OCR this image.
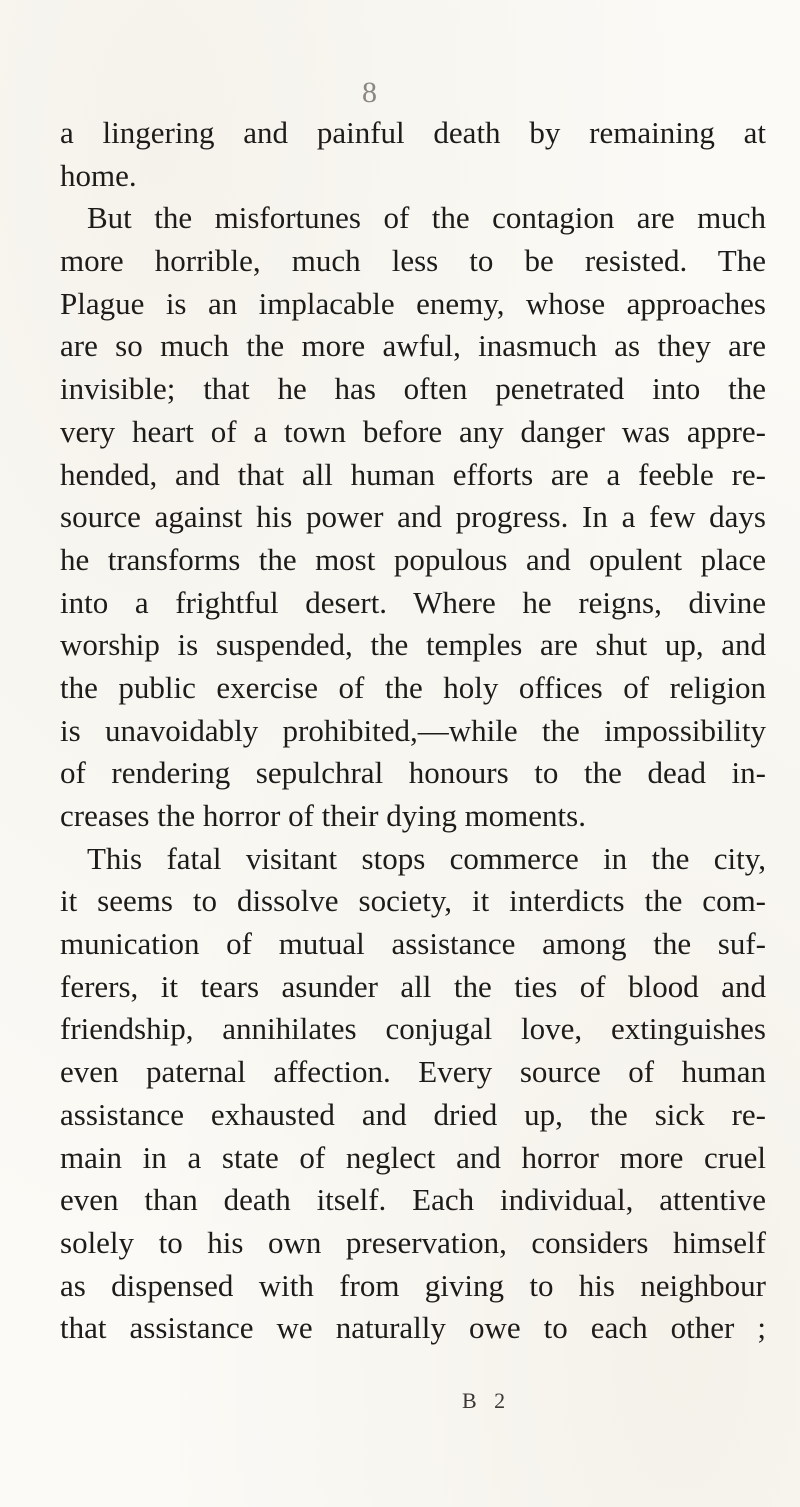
8
a lingering and painful death by remaining at
home.
But the misfortunes of the contagion are much
more horrible, much less to be resisted. The
Plague is an implacable enemy, whose approaches
are so much the more awful, inasmuch as they are
invisible; that he has often penetrated into the
very heart of a town before any danger was appre-
hended, and that all human efforts are a feeble re-
source against his power and progress. In a few days
he transforms the most populous and opulent place
into a frightful desert. Where he reigns, divine
worship is suspended, the temples are shut up, and
the public exercise of the holy offices of religion
is unavoidably prohibited,—while the impossibility
of rendering sepulchral honours to the dead in-
creases the horror of their dying moments.
This fatal visitant stops commerce in the city,
it seems to dissolve society, it interdicts the com-
munication of mutual assistance among the suf-
ferers, it tears asunder all the ties of blood and
friendship, annihilates conjugal love, extinguishes
even paternal affection. Every source of human
assistance exhausted and dried up, the sick re-
main in a state of neglect and horror more cruel
even than death itself. Each individual, attentive
solely to his own preservation, considers himself
as dispensed with from giving to his neighbour
that assistance we naturally owe to each other ;
B 2
